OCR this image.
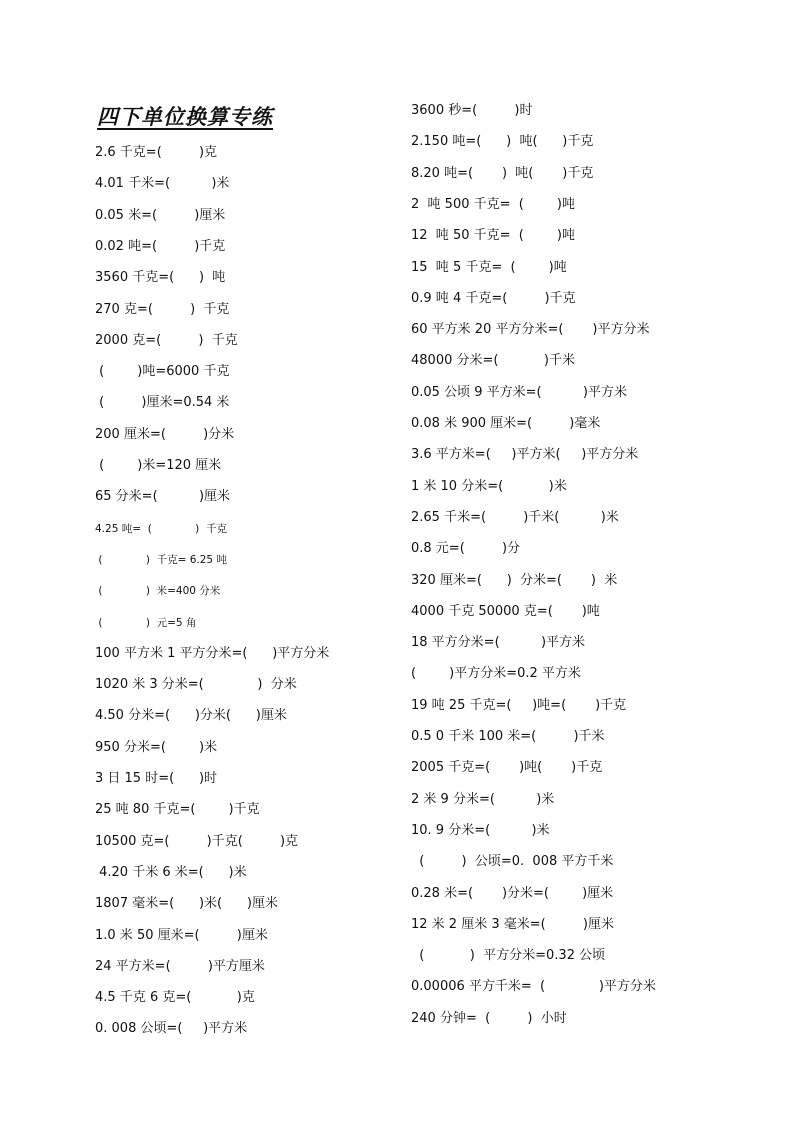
四下单位换算专练
2.6 千克=(         )克
4.01 千米=(          )米
0.05 米=(         )厘米
0.02 吨=(         )千克
3560 千克=(      )  吨
270 克=(         )  千克
2000 克=(         )  千克
(        )吨=6000 千克
(         )厘米=0.54 米
200 厘米=(         )分米
(        )米=120 厘米
65 分米=(          )厘米
4.25 吨=  (             )  千克
(             )  千克= 6.25 吨
(             )  米=400 分米
(             )  元=5 角
100 平方米 1 平方分米=(      )平方分米
1020 米 3 分米=(             )  分米
4.50 分米=(      )分米(      )厘米
950 分米=(        )米
3 日 15 时=(      )时
25 吨 80 千克=(        )千克
10500 克=(         )千克(         )克
4.20 千米 6 米=(      )米
1807 毫米=(      )米(      )厘米
1.0 米 50 厘米=(         )厘米
24 平方米=(         )平方厘米
4.5 千克 6 克=(           )克
0. 008 公顷=(     )平方米
3600 秒=(         )时
2.150 吨=(      )  吨(      )千克
8.20 吨=(       )  吨(       )千克
2  吨 500 千克=  (        )吨
12  吨 50 千克=  (        )吨
15  吨 5 千克=  (        )吨
0.9 吨 4 千克=(         )千克
60 平方米 20 平方分米=(       )平方分米
48000 分米=(           )千米
0.05 公顷 9 平方米=(          )平方米
0.08 米 900 厘米=(         )毫米
3.6 平方米=(     )平方米(     )平方分米
1 米 10 分米=(           )米
2.65 千米=(         )千米(          )米
0.8 元=(         )分
320 厘米=(      )  分米=(       )  米
4000 千克 50000 克=(       )吨
18 平方分米=(          )平方米
(        )平方分米=0.2 平方米
19 吨 25 千克=(     )吨=(       )千克
0.5 0 千米 100 米=(         )千米
2005 千克=(       )吨(       )千克
2 米 9 分米=(          )米
10. 9 分米=(          )米
(         )  公顷=0.  008 平方千米
0.28 米=(       )分米=(        )厘米
12 米 2 厘米 3 毫米=(         )厘米
(           )  平方分米=0.32 公顷
0.00006 平方千米=  (             )平方分米
240 分钟=  (         )  小时
